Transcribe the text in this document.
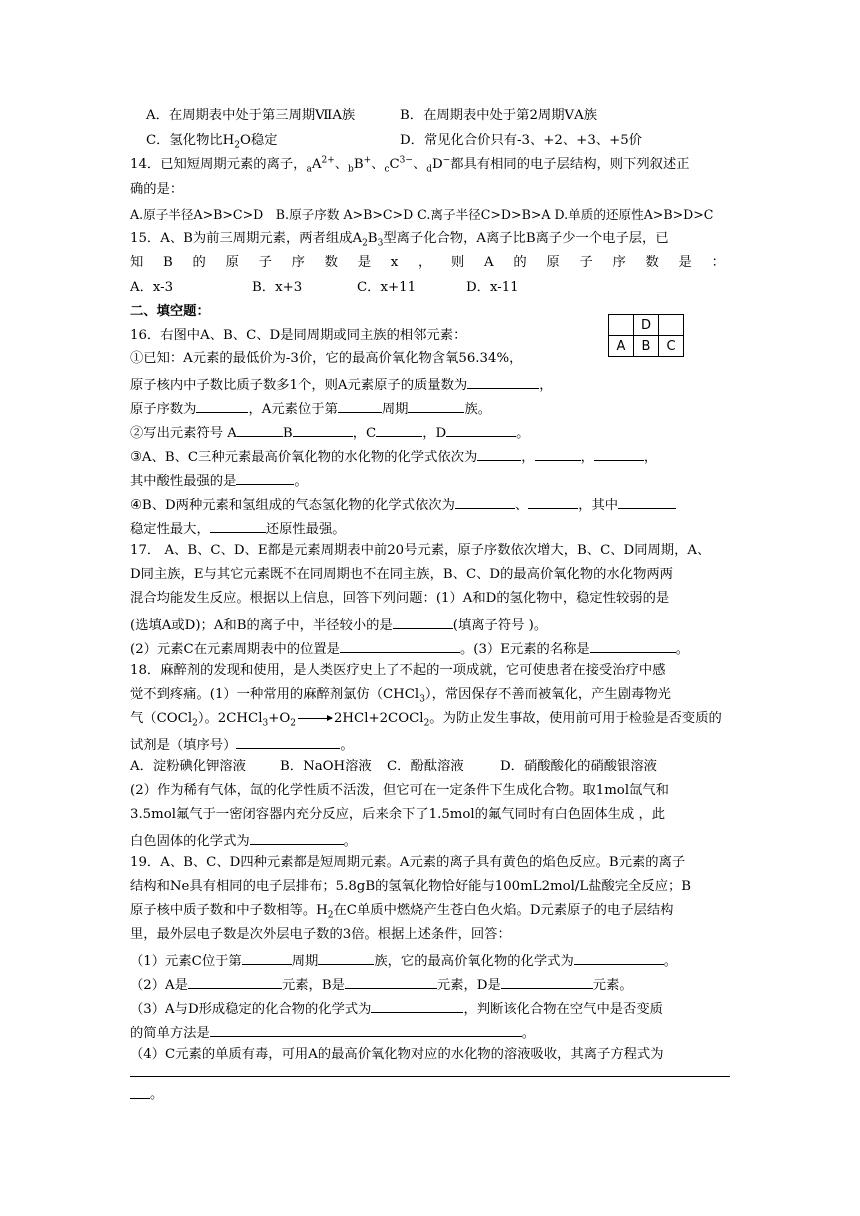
A．在周期表中处于第三周期ⅦA族	B．在周期表中处于第2周期ⅤA族
C．氢化物比$H_2O$稳定	D．常见化合价只有-3、+2、+3、+5价
14．已知短周期元素的离子，$_aA^{2+}$、$_b$B+、$_cC^{3-}$、$_d$D−都具有相同的电子层结构，则下列叙述正
确的是：
A.原子半径A>B>C>D　B.原子序数 A>B>C>D C.离子半径C>D>B>A D.单质的还原性A>B>D>C
15．A、B为前三周期元素，两者组成$A_2B_3$型离子化合物，A离子比B离子少一个电子层，已
知 B 的 原 子 序 数 是 x ， 则 A 的 原 子 序 数 是 ：
A．x-3	B．x+3	C．x+11	D．x-11
二、填空题：
16．右图中A、B、C、D是同周期或同主族的相邻元素：
	D	
A	B	C
①已知：A元素的最低价为-3价，它的最高价氧化物含氧56.34%，
原子核内中子数比质子数多1个，则A元素原子的质量数为	，
原子序数为	，A元素位于第	周期	族。
②写出元素符号 A	B	，C	，D	。
③A、B、C三种元素最高价氧化物的水化物的化学式依次为	，	，	，
其中酸性最强的是	。
④B、D两种元素和氢组成的气态氢化物的化学式依次为	、	，其中
稳定性最大，	还原性最强。
17． A、B、C、D、E都是元素周期表中前20号元素，原子序数依次增大，B、C、D同周期，A、
D同主族，E与其它元素既不在同周期也不在同主族，B、C、D的最高价氧化物的水化物两两
混合均能发生反应。根据以上信息，回答下列问题：(1）A和D的氢化物中，稳定性较弱的是
(选填A或D)；A和B的离子中，半径较小的是	(填离子符号 )。
(2）元素C在元素周期表中的位置是	。(3）E元素的名称是	。
18．麻醉剂的发现和使用，是人类医疗史上了不起的一项成就，它可使患者在接受治疗中感
觉不到疼痛。(1）一种常用的麻醉剂氯仿（CHCl$_3$），常因保存不善而被氧化，产生剧毒物光
气（COCl$_2$）。$2CHCl_3+O_2$ → 2HCl+2COCl$_2$。为防止发生事故，使用前可用于检验是否变质的
试剂是（填序号）	。
A．淀粉碘化钾溶液	B．NaOH溶液 C．酚酞溶液	D．硝酸酸化的硝酸银溶液
(2）作为稀有气体，氙的化学性质不活泼，但它可在一定条件下生成化合物。取1mol氙气和
3.5mol氟气于一密闭容器内充分反应，后来余下了1.5mol的氟气同时有白色固体生成 ，此
白色固体的化学式为	。
19．A、B、C、D四种元素都是短周期元素。A元素的离子具有黄色的焰色反应。B元素的离子
结构和Ne具有相同的电子层排布；5.8gB的氢氧化物恰好能与100mL2mol/L盐酸完全反应；B
原子核中质子数和中子数相等。$H_2$在C单质中燃烧产生苍白色火焰。D元素原子的电子层结构
里，最外层电子数是次外层电子数的3倍。根据上述条件，回答：
（1）元素C位于第	周期	族，它的最高价氧化物的化学式为	。
（2）A是	元素，B是	元素，D是	元素。
（3）A与D形成稳定的化合物的化学式为	，判断该化合物在空气中是否变质
的简单方法是	。
（4）C元素的单质有毒，可用A的最高价氧化物对应的水化物的溶液吸收，其离子方程式为
。
